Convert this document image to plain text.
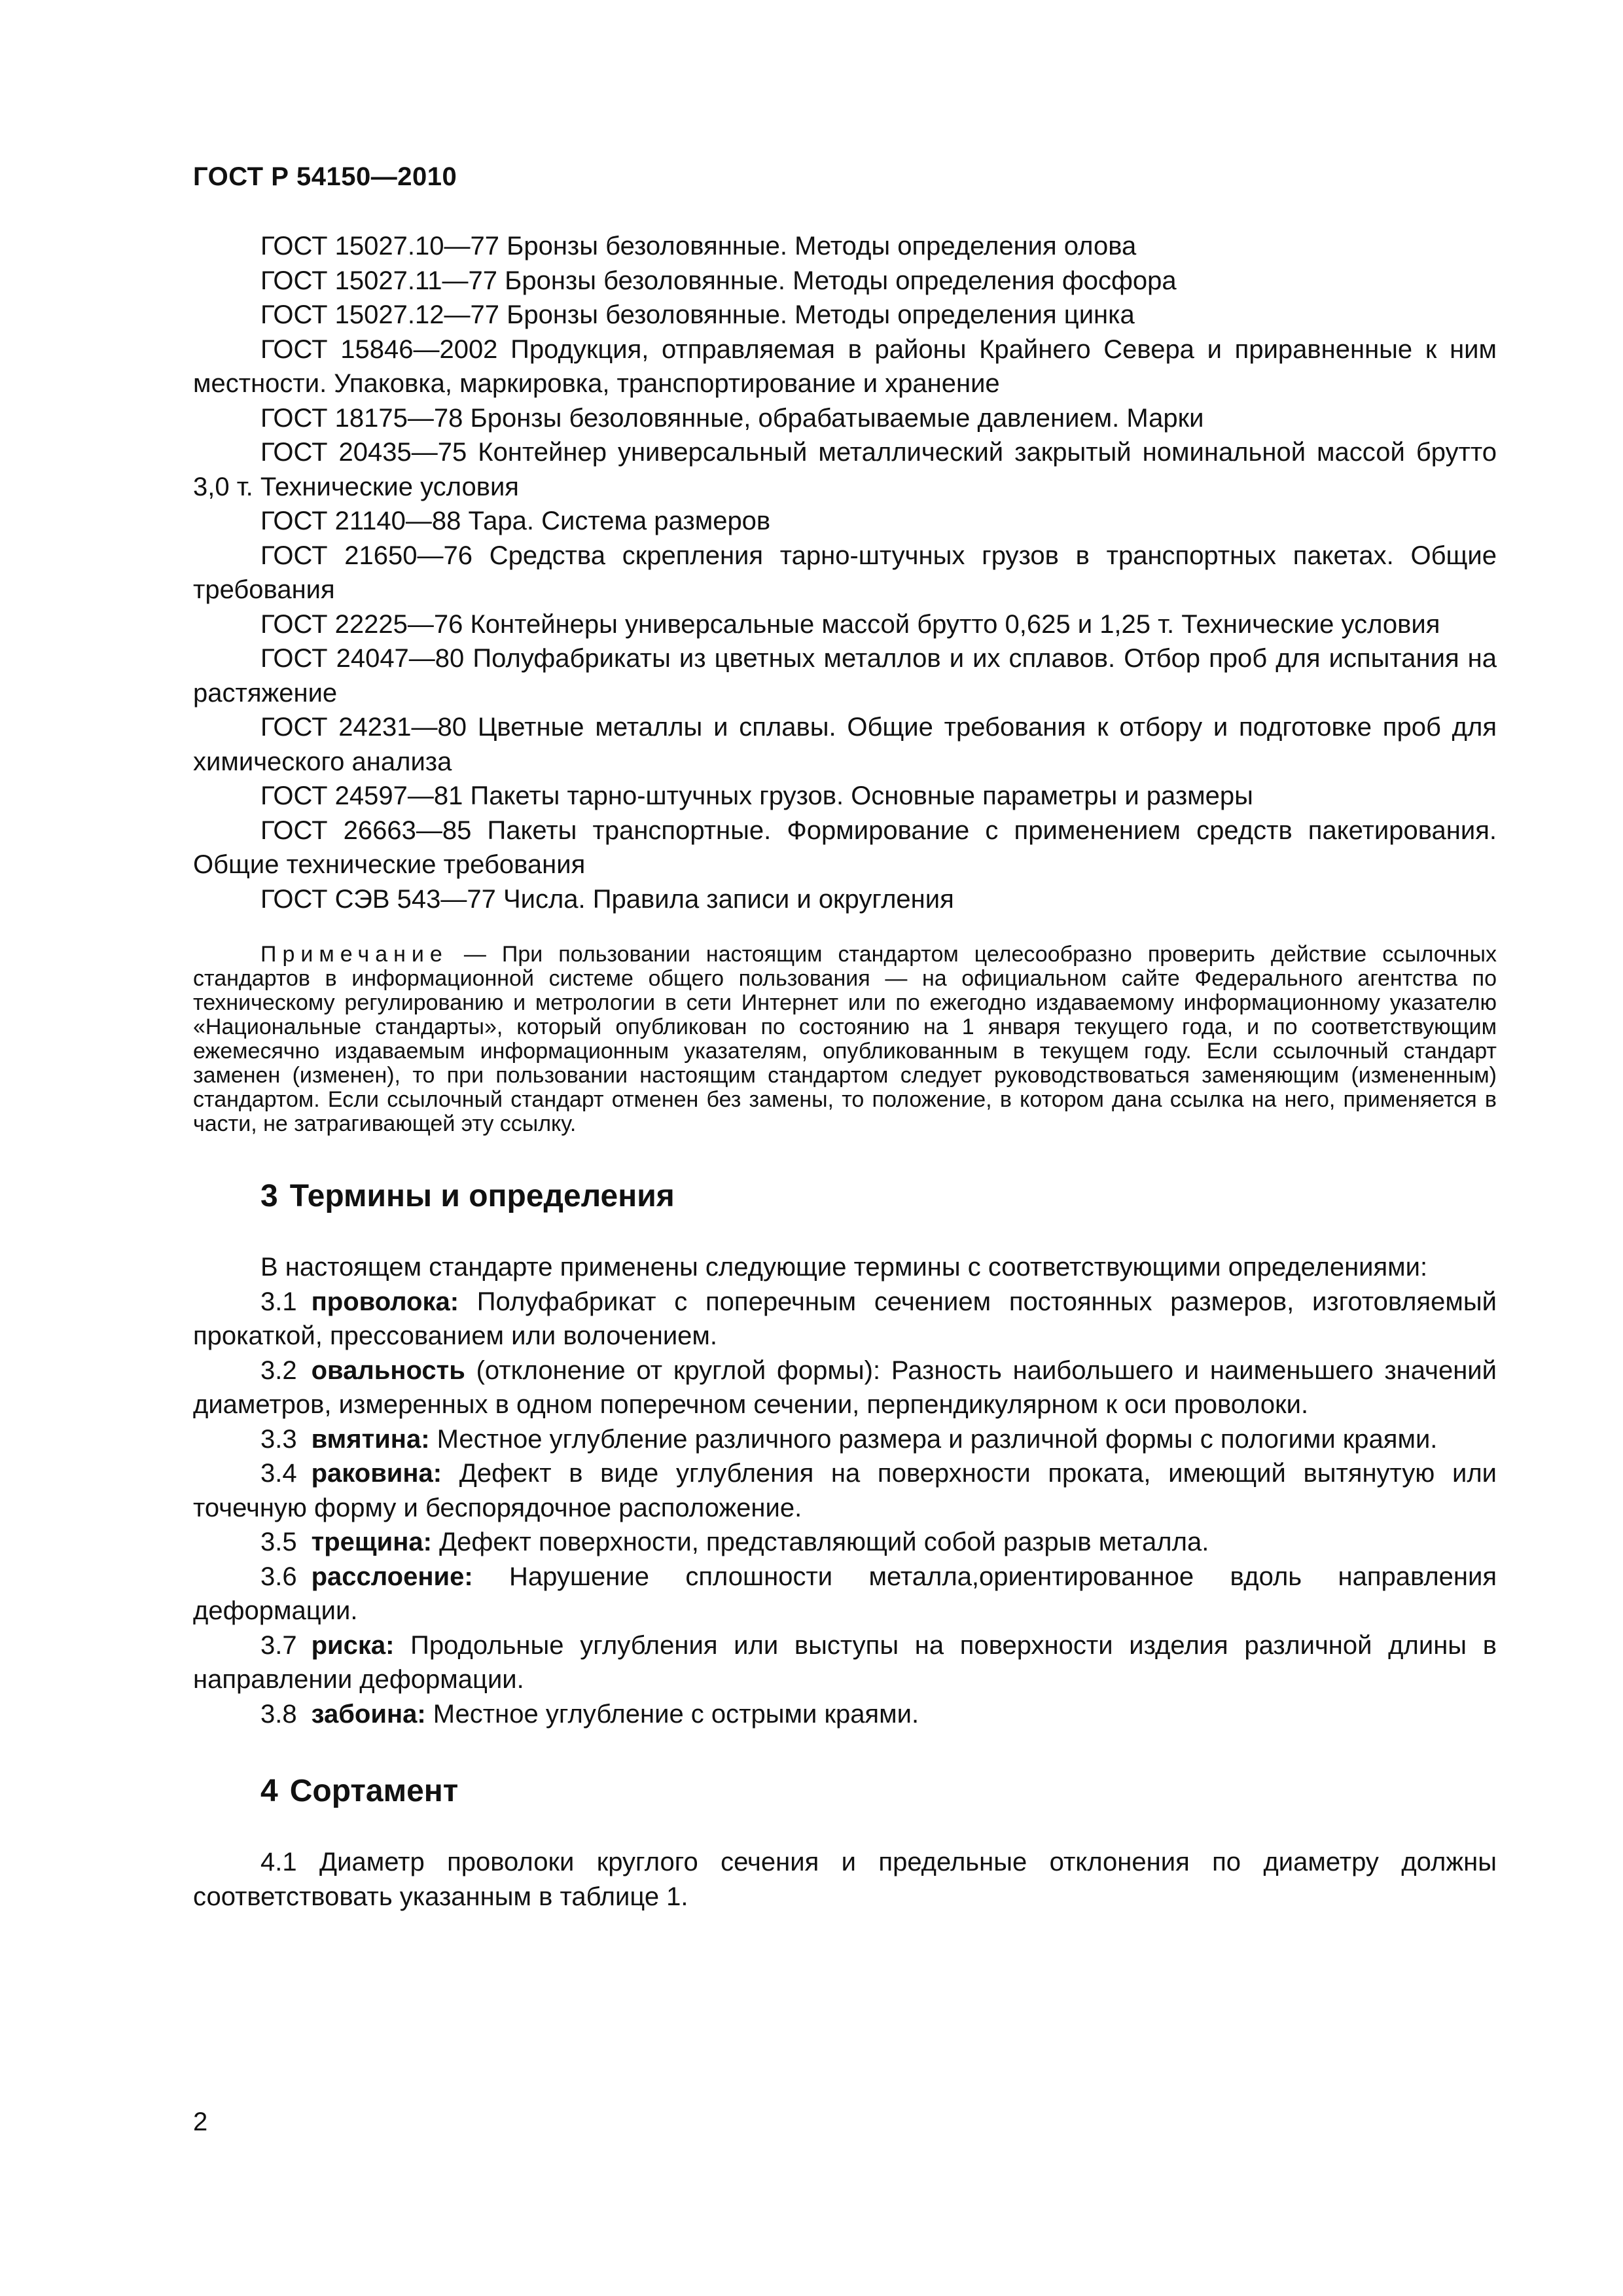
ГОСТ Р 54150—2010

ГОСТ 15027.10—77 Бронзы безоловянные. Методы определения олова

ГОСТ 15027.11—77 Бронзы безоловянные. Методы определения фосфора

ГОСТ 15027.12—77 Бронзы безоловянные. Методы определения цинка

ГОСТ 15846—2002 Продукция, отправляемая в районы Крайнего Севера и приравненные к ним местности. Упаковка, маркировка, транспортирование и хранение

ГОСТ 18175—78 Бронзы безоловянные, обрабатываемые давлением. Марки

ГОСТ 20435—75 Контейнер универсальный металлический закрытый номинальной массой брутто 3,0 т. Технические условия

ГОСТ 21140—88 Тара. Система размеров

ГОСТ 21650—76 Средства скрепления тарно-штучных грузов в транспортных пакетах. Общие требования

ГОСТ 22225—76 Контейнеры универсальные массой брутто 0,625 и 1,25 т. Технические условия

ГОСТ 24047—80 Полуфабрикаты из цветных металлов и их сплавов. Отбор проб для испытания на растяжение

ГОСТ 24231—80 Цветные металлы и сплавы. Общие требования к отбору и подготовке проб для химического анализа

ГОСТ 24597—81 Пакеты тарно-штучных грузов. Основные параметры и размеры

ГОСТ 26663—85 Пакеты транспортные. Формирование с применением средств пакетирования. Общие технические требования

ГОСТ СЭВ 543—77 Числа. Правила записи и округления

Примечание — При пользовании настоящим стандартом целесообразно проверить действие ссылочных стандартов в информационной системе общего пользования — на официальном сайте Федерального агентства по техническому регулированию и метрологии в сети Интернет или по ежегодно издаваемому информационному указателю «Национальные стандарты», который опубликован по состоянию на 1 января текущего года, и по соответствующим ежемесячно издаваемым информационным указателям, опубликованным в текущем году. Если ссылочный стандарт заменен (изменен), то при пользовании настоящим стандартом следует руководствоваться заменяющим (измененным) стандартом. Если ссылочный стандарт отменен без замены, то положение, в котором дана ссылка на него, применяется в части, не затрагивающей эту ссылку.
3 Термины и определения

В настоящем стандарте применены следующие термины с соответствующими определениями:

3.1 проволока: Полуфабрикат с поперечным сечением постоянных размеров, изготовляемый прокаткой, прессованием или волочением.

3.2 овальность (отклонение от круглой формы): Разность наибольшего и наименьшего значений диаметров, измеренных в одном поперечном сечении, перпендикулярном к оси проволоки.

3.3 вмятина: Местное углубление различного размера и различной формы с пологими краями.

3.4 раковина: Дефект в виде углубления на поверхности проката, имеющий вытянутую или точечную форму и беспорядочное расположение.

3.5 трещина: Дефект поверхности, представляющий собой разрыв металла.

3.6 расслоение: Нарушение сплошности металла,ориентированное вдоль направления деформации.

3.7 риска: Продольные углубления или выступы на поверхности изделия различной длины в направлении деформации.

3.8 забоина: Местное углубление с острыми краями.

4 Сортамент

4.1 Диаметр проволоки круглого сечения и предельные отклонения по диаметру должны соответствовать указанным в таблице 1.

2
